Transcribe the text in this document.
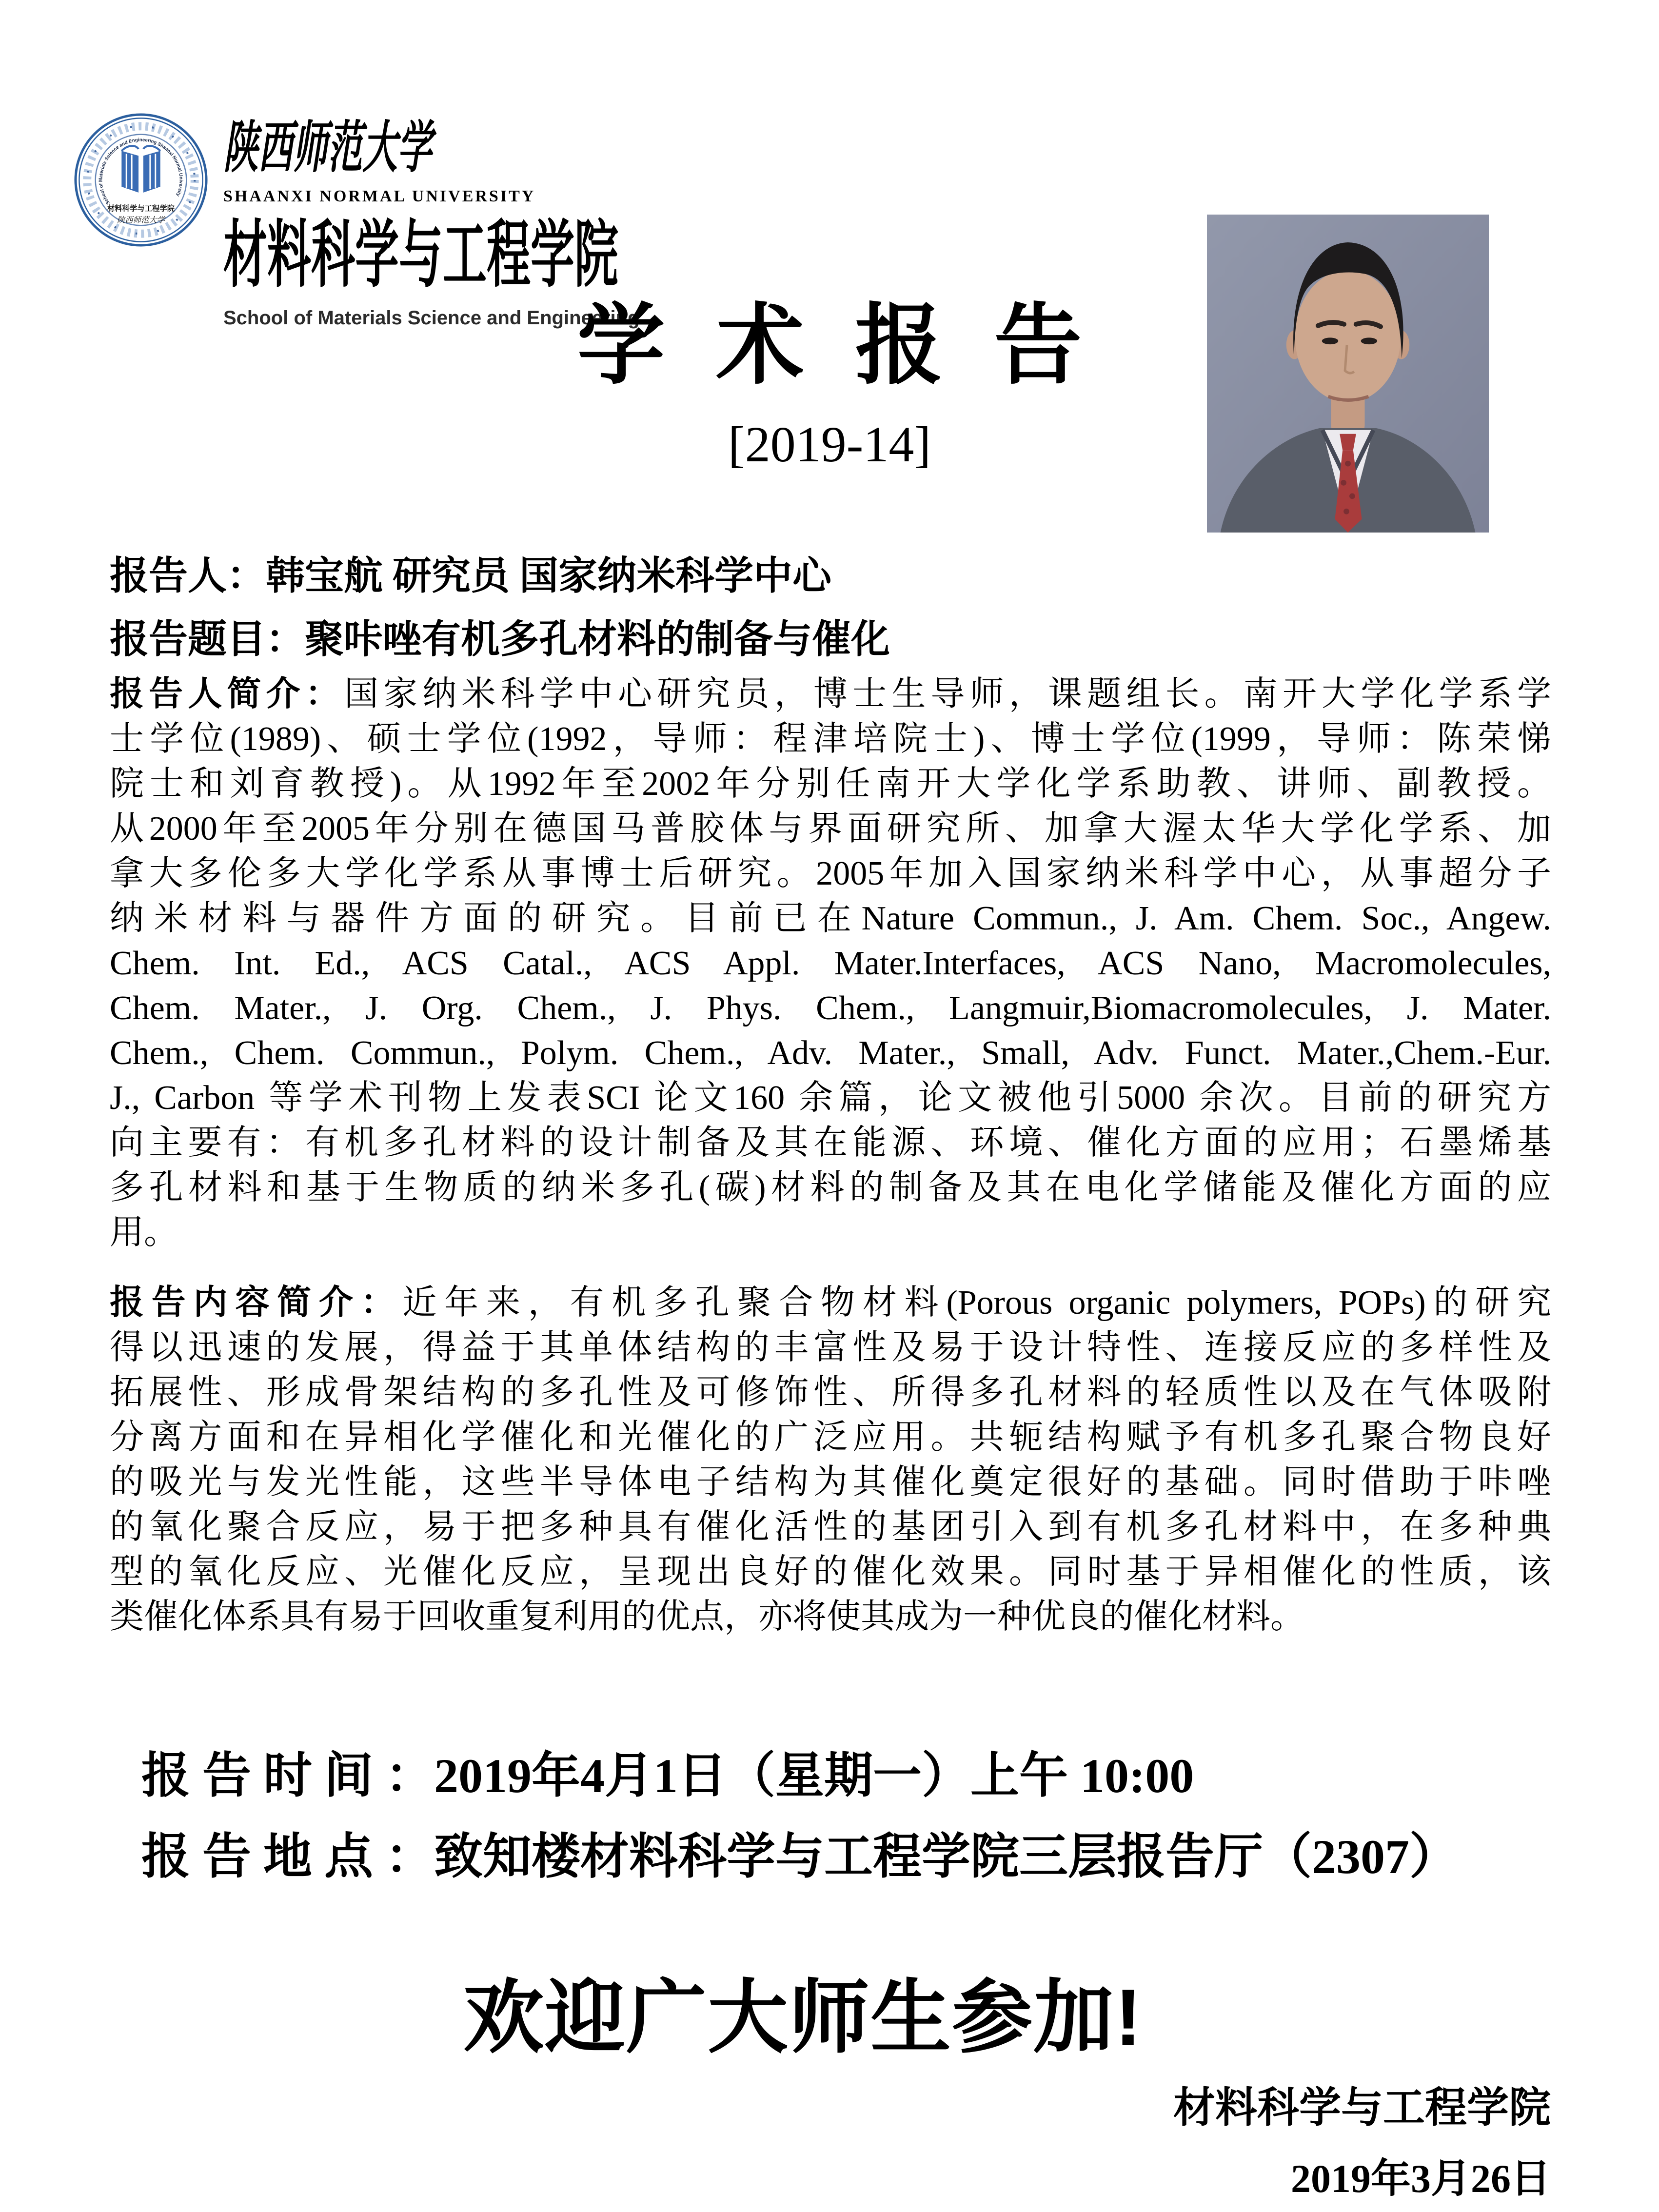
School of Materials Science and Engineering Shaanxi Normal University
材料科学与工程学院
陕西师范大学
陕西师范大学
SHAANXI NORMAL UNIVERSITY
材料科学与工程学院
School of Materials Science and Engineering
学 术 报 告
[2019-14]
报告人：韩宝航 研究员 国家纳米科学中心
报告题目：聚咔唑有机多孔材料的制备与催化
报告人简介：国家纳米科学中心研究员，博士生导师，课题组长。南开大学化学系学
士学位(1989)、硕士学位(1992，导师：程津培院士)、博士学位(1999，导师：陈荣悌
院士和刘育教授)。从1992年至2002年分别任南开大学化学系助教、讲师、副教授。
从2000年至2005年分别在德国马普胶体与界面研究所、加拿大渥太华大学化学系、加
拿大多伦多大学化学系从事博士后研究。2005年加入国家纳米科学中心，从事超分子
纳米材料与器件方面的研究。目前已在Nature Commun., J. Am. Chem. Soc., Angew.
Chem. Int. Ed., ACS Catal., ACS Appl. Mater.Interfaces, ACS Nano, Macromolecules,
Chem. Mater., J. Org. Chem., J. Phys. Chem., Langmuir,Biomacromolecules, J. Mater.
Chem., Chem. Commun., Polym. Chem., Adv. Mater., Small, Adv. Funct. Mater.,Chem.-Eur.
J., Carbon 等学术刊物上发表SCI 论文160 余篇，论文被他引5000 余次。目前的研究方
向主要有：有机多孔材料的设计制备及其在能源、环境、催化方面的应用；石墨烯基
多孔材料和基于生物质的纳米多孔(碳)材料的制备及其在电化学储能及催化方面的应
用。
报告内容简介：近年来，有机多孔聚合物材料(Porous organic polymers, POPs)的研究
得以迅速的发展，得益于其单体结构的丰富性及易于设计特性、连接反应的多样性及
拓展性、形成骨架结构的多孔性及可修饰性、所得多孔材料的轻质性以及在气体吸附
分离方面和在异相化学催化和光催化的广泛应用。共轭结构赋予有机多孔聚合物良好
的吸光与发光性能，这些半导体电子结构为其催化奠定很好的基础。同时借助于咔唑
的氧化聚合反应，易于把多种具有催化活性的基团引入到有机多孔材料中，在多种典
型的氧化反应、光催化反应，呈现出良好的催化效果。同时基于异相催化的性质，该
类催化体系具有易于回收重复利用的优点，亦将使其成为一种优良的催化材料。
报 告 时 间 ：2019年4月1日（星期一）上午 10:00
报 告 地 点 ：致知楼材料科学与工程学院三层报告厅（2307）
欢迎广大师生参加!
材料科学与工程学院
2019年3月26日
